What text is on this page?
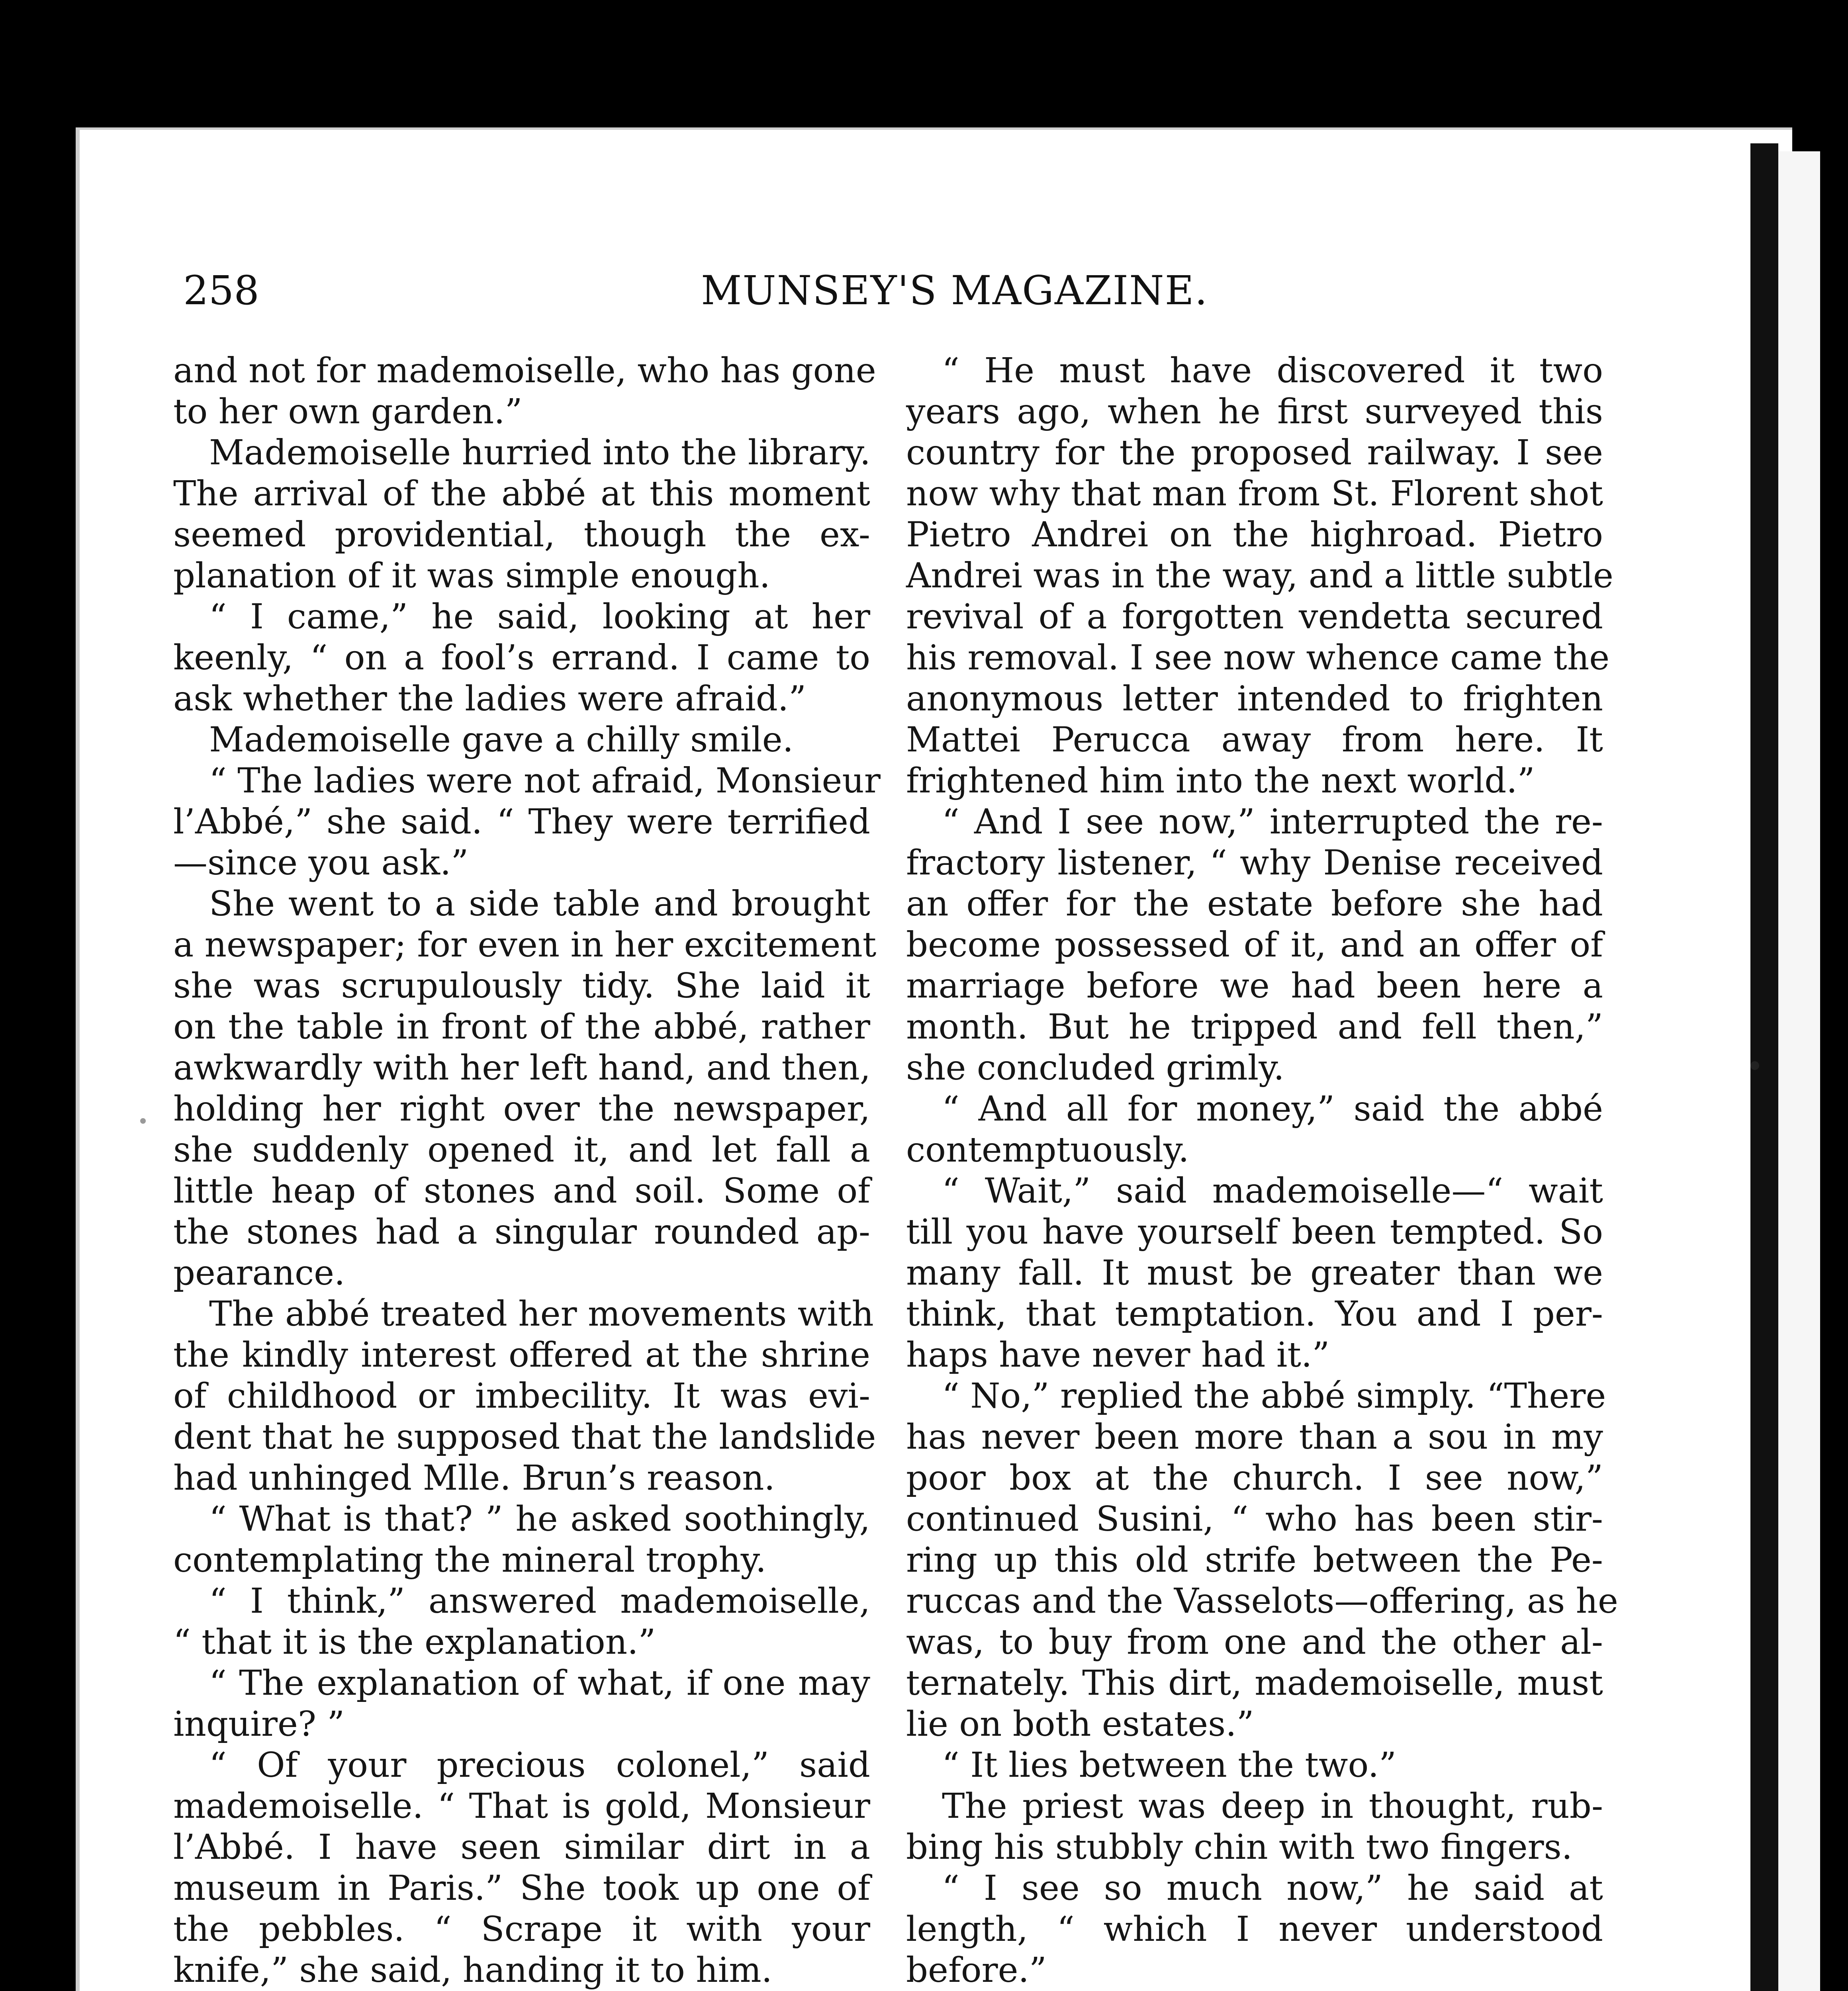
258	MUNSEY'S MAGAZINE.
and not for mademoiselle, who has gone
to her own garden.”
Mademoiselle hurried into the library.
The arrival of the abbé at this moment
seemed providential, though the ex-
planation of it was simple enough.
“ I came,” he said, looking at her
keenly, “ on a fool’s errand. I came to
ask whether the ladies were afraid.”
Mademoiselle gave a chilly smile.
“ The ladies were not afraid, Monsieur
l’Abbé,” she said. “ They were terrified
—since you ask.”
She went to a side table and brought
a newspaper; for even in her excitement
she was scrupulously tidy. She laid it
on the table in front of the abbé, rather
awkwardly with her left hand, and then,
holding her right over the newspaper,
she suddenly opened it, and let fall a
little heap of stones and soil. Some of
the stones had a singular rounded ap-
pearance.
The abbé treated her movements with
the kindly interest offered at the shrine
of childhood or imbecility. It was evi-
dent that he supposed that the landslide
had unhinged Mlle. Brun’s reason.
“ What is that? ” he asked soothingly,
contemplating the mineral trophy.
“ I think,” answered mademoiselle,
“ that it is the explanation.”
“ The explanation of what, if one may
inquire? ”
“ Of your precious colonel,” said
mademoiselle. “ That is gold, Monsieur
l’Abbé. I have seen similar dirt in a
museum in Paris.” She took up one of
the pebbles. “ Scrape it with your
knife,” she said, handing it to him.
“ He must have discovered it two
years ago, when he first surveyed this
country for the proposed railway. I see
now why that man from St. Florent shot
Pietro Andrei on the highroad. Pietro
Andrei was in the way, and a little subtle
revival of a forgotten vendetta secured
his removal. I see now whence came the
anonymous letter intended to frighten
Mattei Perucca away from here. It
frightened him into the next world.”
“ And I see now,” interrupted the re-
fractory listener, “ why Denise received
an offer for the estate before she had
become possessed of it, and an offer of
marriage before we had been here a
month. But he tripped and fell then,”
she concluded grimly.
“ And all for money,” said the abbé
contemptuously.
“ Wait,” said mademoiselle—“ wait
till you have yourself been tempted. So
many fall. It must be greater than we
think, that temptation. You and I per-
haps have never had it.”
“ No,” replied the abbé simply. “There
has never been more than a sou in my
poor box at the church. I see now,”
continued Susini, “ who has been stir-
ring up this old strife between the Pe-
ruccas and the Vasselots—offering, as he
was, to buy from one and the other al-
ternately. This dirt, mademoiselle, must
lie on both estates.”
“ It lies between the two.”
The priest was deep in thought, rub-
bing his stubbly chin with two fingers.
“ I see so much now,” he said at
length, “ which I never understood
before.”
